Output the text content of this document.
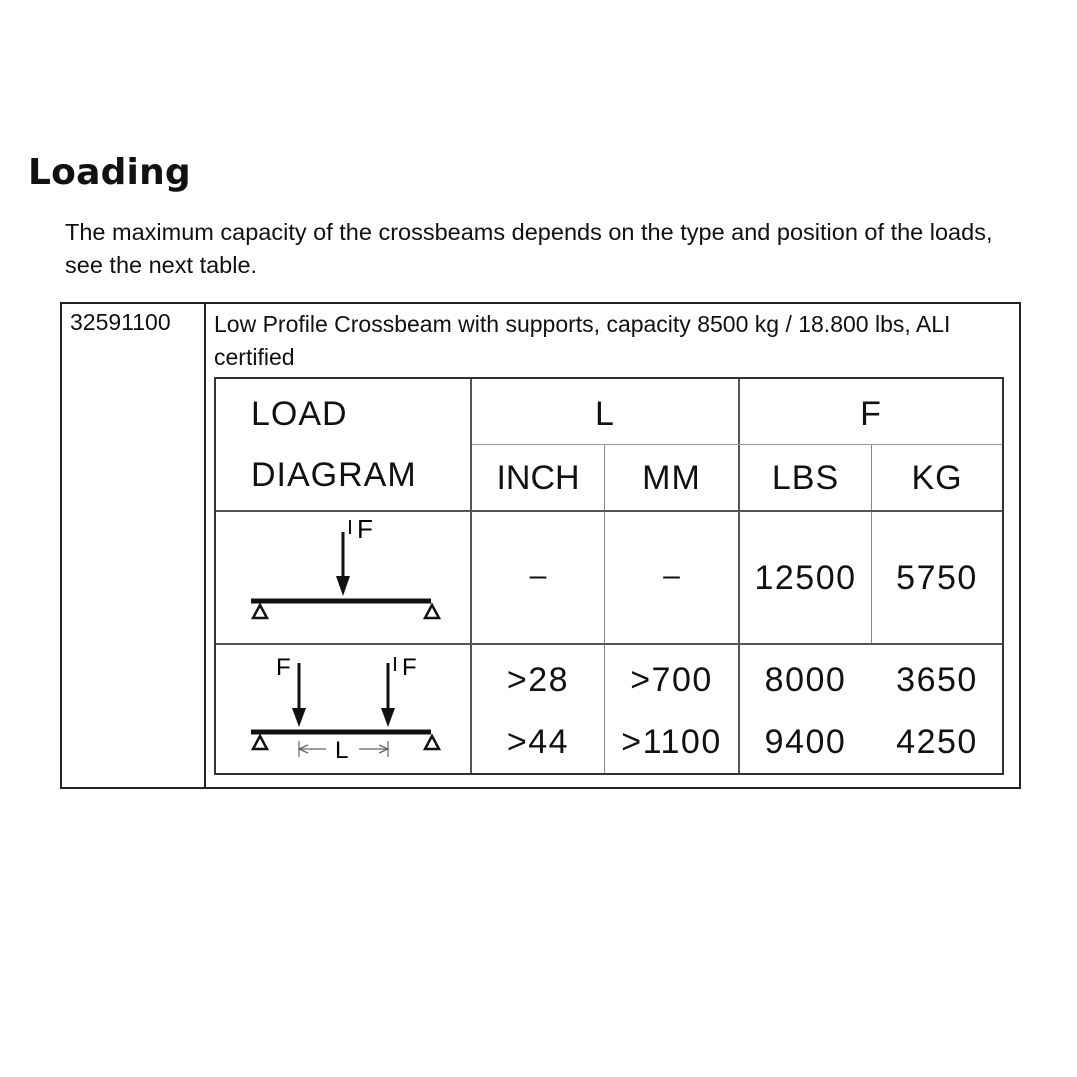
Loading
The maximum capacity of the crossbeams depends on the type and position of the loads, see the next table.
32591100 Low Profile Crossbeam with supports, capacity 8500 kg / 18.800 lbs, ALI certified
LOAD
DIAGRAM
L	F
INCH	MM	LBS	KG
–	–	12500	5750
>28	>700	8000	3650
>44	>1100	9400	4250
F
F	F
L
